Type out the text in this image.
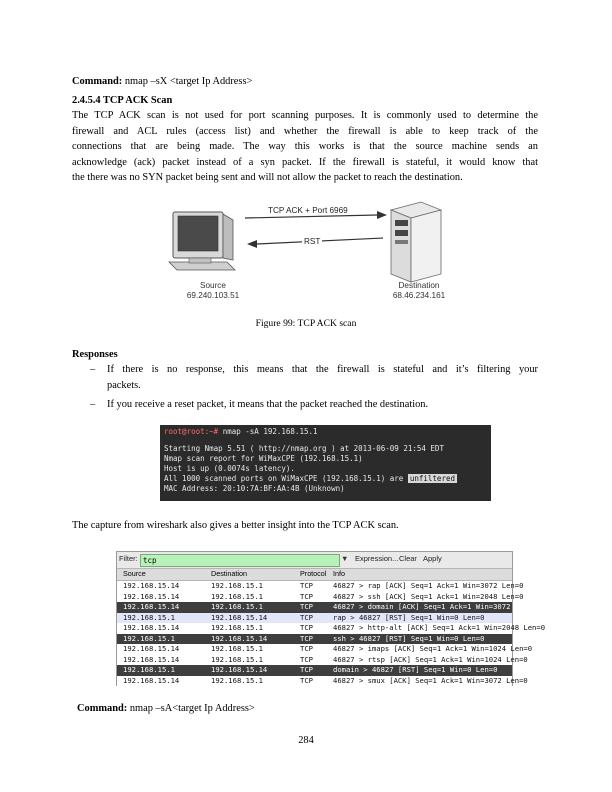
Command: nmap –sX <target Ip Address>
2.4.5.4 TCP ACK Scan
The TCP ACK scan is not used for port scanning purposes. It is commonly used to determine the
firewall and ACL rules (access list) and whether the firewall is able to keep track of the
connections that are being made. The way this works is that the source machine sends an
acknowledge (ack) packet instead of a syn packet. If the firewall is stateful, it would know that
the there was no SYN packet being sent and will not allow the packet to reach the destination.
TCP ACK + Port 6969
RST
Source
69.240.103.51
Destination
68.46.234.161
Figure 99: TCP ACK scan
Responses
– If there is no response, this means that the firewall is stateful and it’s filtering your
packets.
– If you receive a reset packet, it means that the packet reached the destination.
root@root:~# nmap -sA 192.168.15.1
Starting Nmap 5.51 ( http://nmap.org ) at 2013-06-09 21:54 EDT
Nmap scan report for WiMaxCPE (192.168.15.1)
Host is up (0.0074s latency).
All 1000 scanned ports on WiMaxCPE (192.168.15.1) are unfiltered
MAC Address: 20:10:7A:BF:AA:4B (Unknown)
The capture from wireshark also gives a better insight into the TCP ACK scan.
Filter: tcp	▼ Expression... Clear Apply
Source	Destination	Protocol Info
192.168.15.14	192.168.15.1	TCP	46827 > rap [ACK] Seq=1 Ack=1 Win=3072 Len=0
192.168.15.14	192.168.15.1	TCP	46827 > ssh [ACK] Seq=1 Ack=1 Win=2048 Len=0
192.168.15.14	192.168.15.1	TCP	46827 > domain [ACK] Seq=1 Ack=1 Win=3072 Len=0
192.168.15.1	192.168.15.14	TCP	rap > 46827 [RST] Seq=1 Win=0 Len=0
192.168.15.14	192.168.15.1	TCP	46827 > http-alt [ACK] Seq=1 Ack=1 Win=2048 Len=0
192.168.15.1	192.168.15.14	TCP	ssh > 46827 [RST] Seq=1 Win=0 Len=0
192.168.15.14	192.168.15.1	TCP	46827 > imaps [ACK] Seq=1 Ack=1 Win=1024 Len=0
192.168.15.14	192.168.15.1	TCP	46827 > rtsp [ACK] Seq=1 Ack=1 Win=1024 Len=0
192.168.15.1	192.168.15.14	TCP	domain > 46827 [RST] Seq=1 Win=0 Len=0
192.168.15.14	192.168.15.1	TCP	46827 > smux [ACK] Seq=1 Ack=1 Win=3072 Len=0
Command: nmap –sA<target Ip Address>
284
